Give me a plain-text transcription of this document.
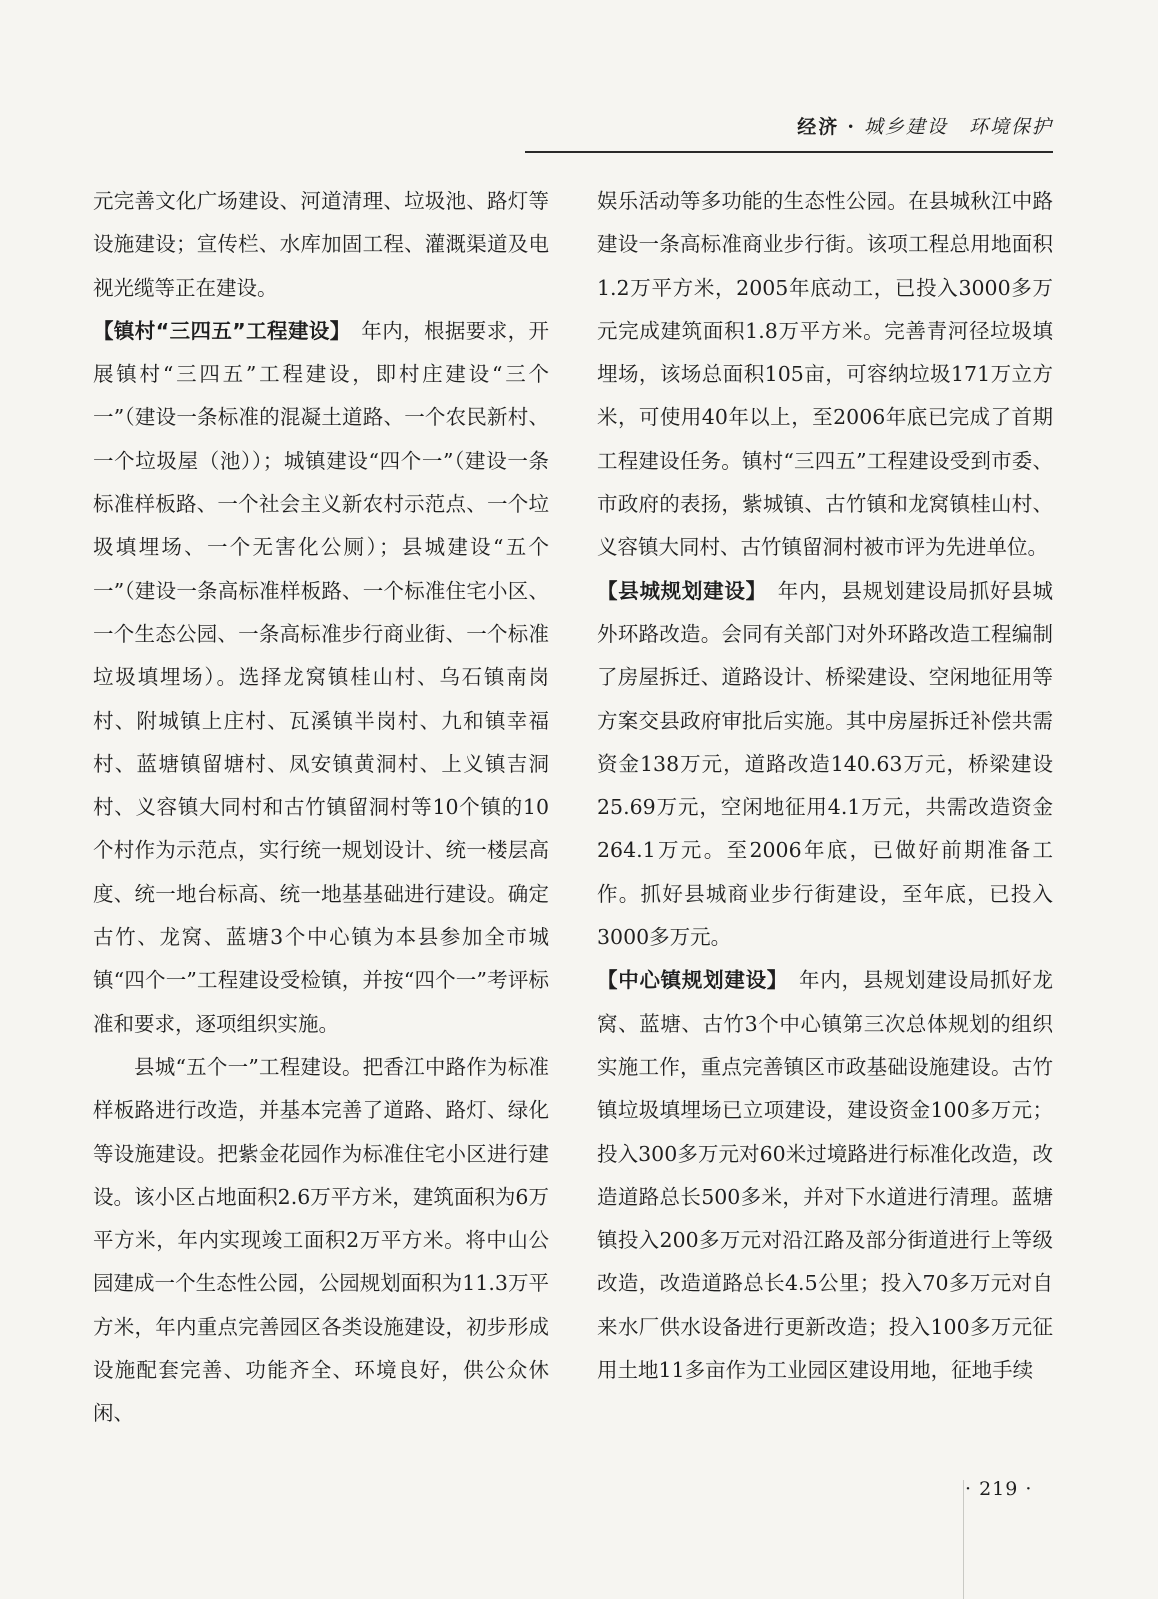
经济 · 城乡建设　环境保护

元完善文化广场建设、河道清理、垃圾池、路灯等设施建设；宣传栏、水库加固工程、灌溉渠道及电视光缆等正在建设。

【镇村“三四五”工程建设】　年内，根据要求，开展镇村“三四五”工程建设，即村庄建设“三个一”（建设一条标准的混凝土道路、一个农民新村、一个垃圾屋（池））；城镇建设“四个一”（建设一条标准样板路、一个社会主义新农村示范点、一个垃圾填埋场、一个无害化公厕）；县城建设“五个一”（建设一条高标准样板路、一个标准住宅小区、一个生态公园、一条高标准步行商业街、一个标准垃圾填埋场）。选择龙窝镇桂山村、乌石镇南岗村、附城镇上庄村、瓦溪镇半岗村、九和镇幸福村、蓝塘镇留塘村、凤安镇黄洞村、上义镇吉洞村、义容镇大同村和古竹镇留洞村等10个镇的10个村作为示范点，实行统一规划设计、统一楼层高度、统一地台标高、统一地基基础进行建设。确定古竹、龙窝、蓝塘3个中心镇为本县参加全市城镇“四个一”工程建设受检镇，并按“四个一”考评标准和要求，逐项组织实施。

县城“五个一”工程建设。把香江中路作为标准样板路进行改造，并基本完善了道路、路灯、绿化等设施建设。把紫金花园作为标准住宅小区进行建设。该小区占地面积2.6万平方米，建筑面积为6万平方米，年内实现竣工面积2万平方米。将中山公园建成一个生态性公园，公园规划面积为11.3万平方米，年内重点完善园区各类设施建设，初步形成设施配套完善、功能齐全、环境良好，供公众休闲、

娱乐活动等多功能的生态性公园。在县城秋江中路建设一条高标准商业步行街。该项工程总用地面积1.2万平方米，2005年底动工，已投入3000多万元完成建筑面积1.8万平方米。完善青河径垃圾填埋场，该场总面积105亩，可容纳垃圾171万立方米，可使用40年以上，至2006年底已完成了首期工程建设任务。镇村“三四五”工程建设受到市委、市政府的表扬，紫城镇、古竹镇和龙窝镇桂山村、义容镇大同村、古竹镇留洞村被市评为先进单位。

【县城规划建设】　年内，县规划建设局抓好县城外环路改造。会同有关部门对外环路改造工程编制了房屋拆迁、道路设计、桥梁建设、空闲地征用等方案交县政府审批后实施。其中房屋拆迁补偿共需资金138万元，道路改造140.63万元，桥梁建设25.69万元，空闲地征用4.1万元，共需改造资金264.1万元。至2006年底，已做好前期准备工作。抓好县城商业步行街建设，至年底，已投入3000多万元。

【中心镇规划建设】　年内，县规划建设局抓好龙窝、蓝塘、古竹3个中心镇第三次总体规划的组织实施工作，重点完善镇区市政基础设施建设。古竹镇垃圾填埋场已立项建设，建设资金100多万元；投入300多万元对60米过境路进行标准化改造，改造道路总长500多米，并对下水道进行清理。蓝塘镇投入200多万元对沿江路及部分街道进行上等级改造，改造道路总长4.5公里；投入70多万元对自来水厂供水设备进行更新改造；投入100多万元征用土地11多亩作为工业园区建设用地，征地手续

· 219 ·
